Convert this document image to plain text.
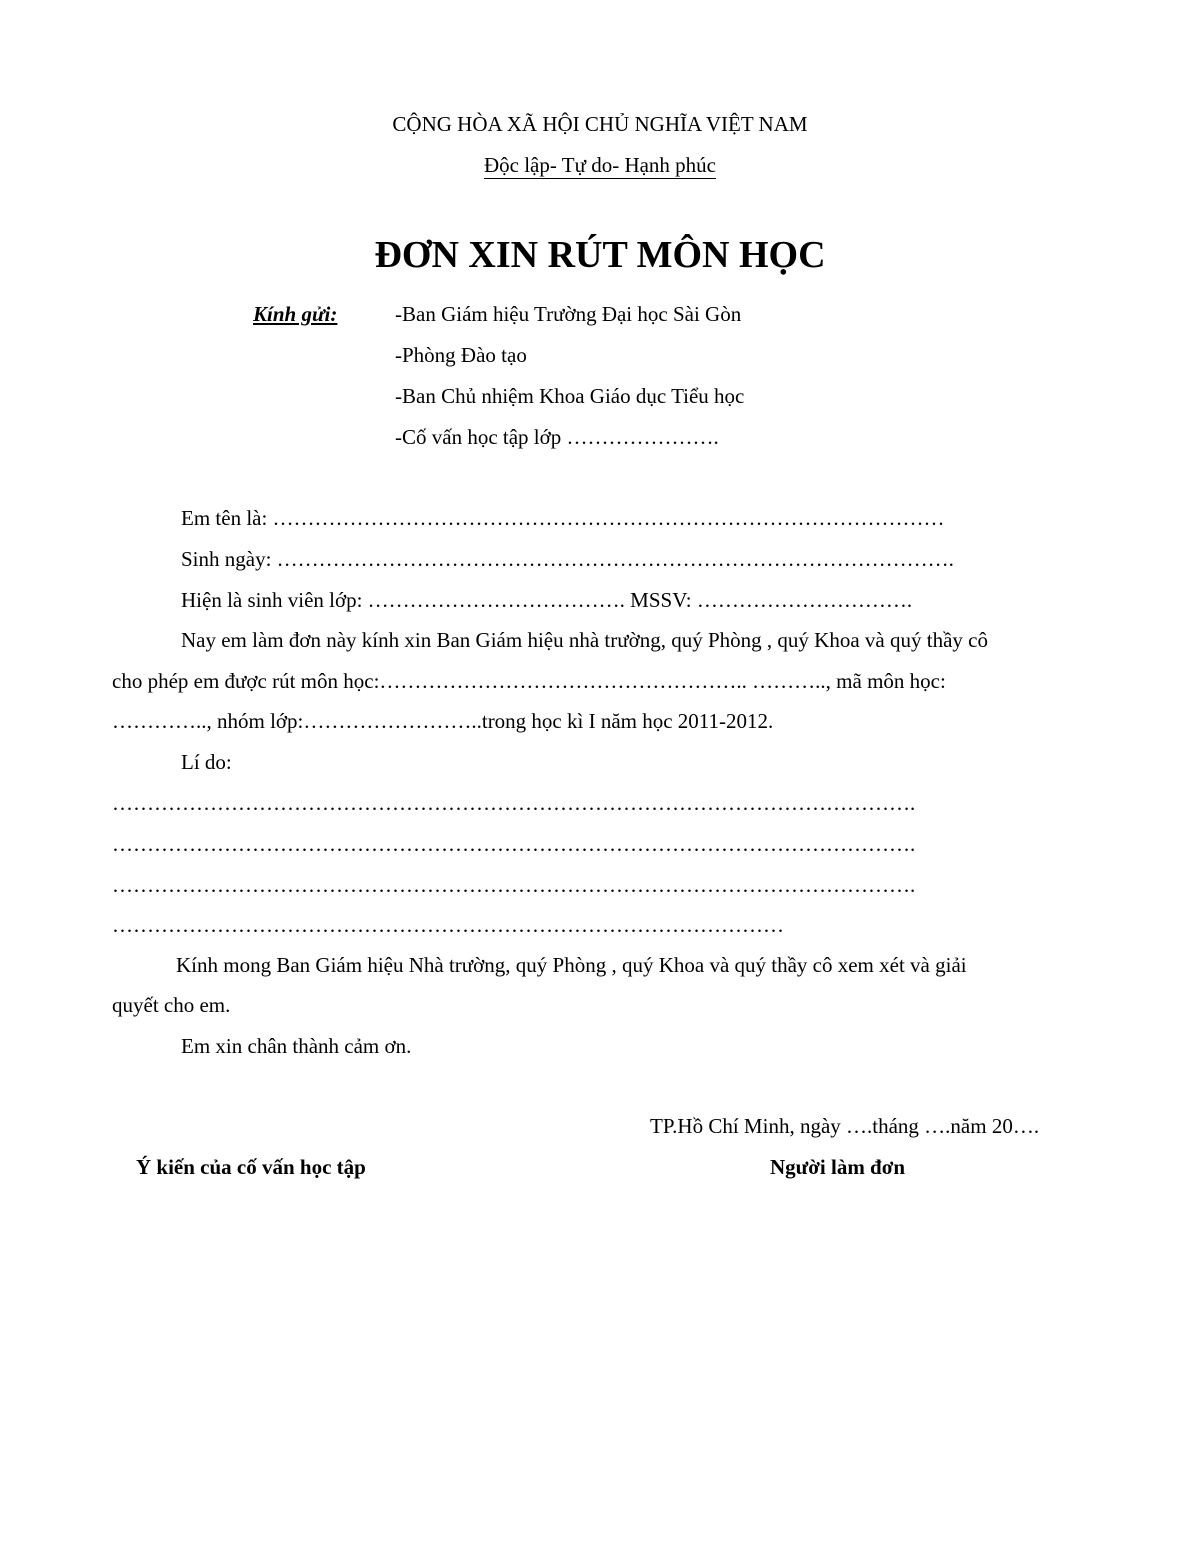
CỘNG HÒA XÃ HỘI CHỦ NGHĨA VIỆT NAM
Độc lập- Tự do- Hạnh phúc
ĐƠN XIN RÚT MÔN HỌC
Kính gửi:	-Ban Giám hiệu Trường Đại học Sài Gòn
-Phòng Đào tạo
-Ban Chủ nhiệm Khoa Giáo dục Tiểu học
-Cố vấn học tập lớp ………………….
Em tên là: ……………………………………………………………………………………
Sinh ngày: …………………………………………………………………………………….
Hiện là sinh viên lớp: ………………………………. MSSV: ………………………….
Nay em làm đơn này kính xin Ban Giám hiệu nhà trường, quý Phòng , quý Khoa và quý thầy cô
cho phép em được rút môn học:…………………………………………….. ……….., mã môn học:
………….., nhóm lớp:……………………..trong học kì I năm học 2011-2012.
Lí do:
…………………………………………………………………………………………………….
…………………………………………………………………………………………………….
…………………………………………………………………………………………………….
……………………………………………………………………………………
Kính mong Ban Giám hiệu Nhà trường, quý Phòng , quý Khoa và quý thầy cô xem xét và giải
quyết cho em.
Em xin chân thành cảm ơn.
TP.Hồ Chí Minh, ngày ….tháng ….năm 20….
Ý kiến của cố vấn học tập	Người làm đơn
